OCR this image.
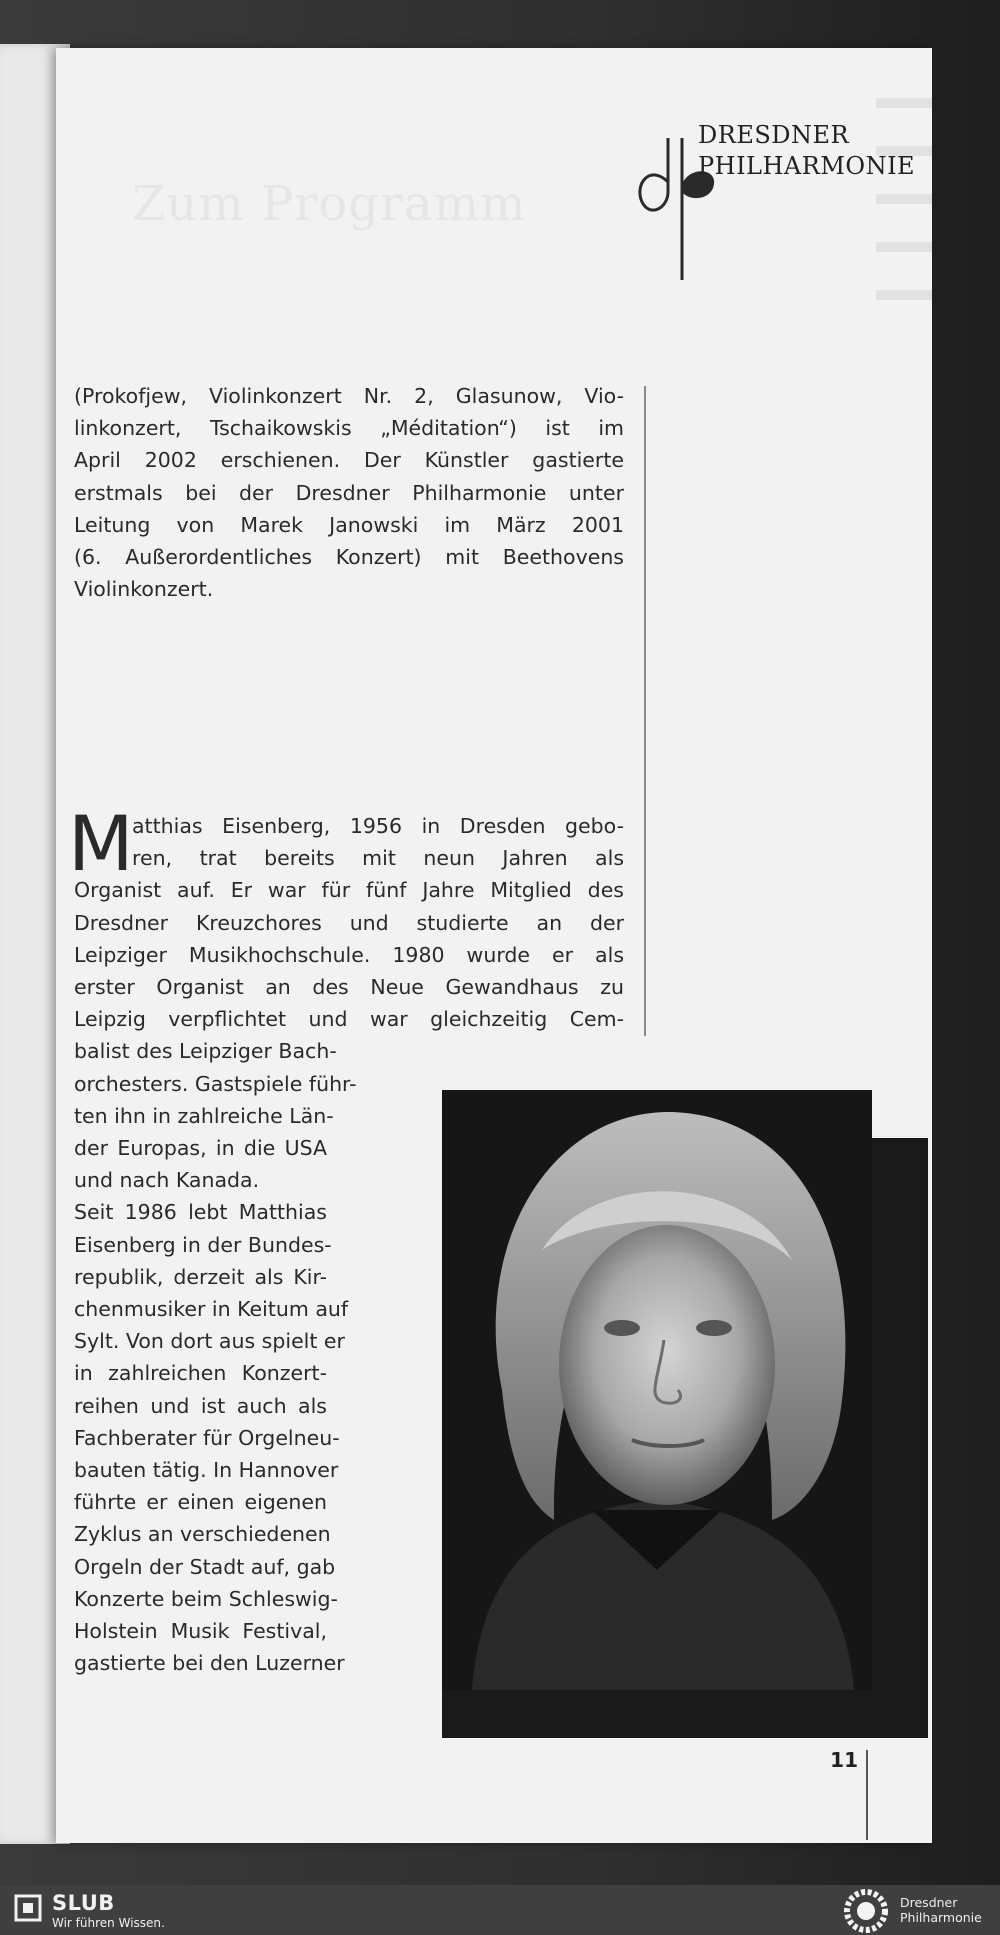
Zum Programm
DRESDNER
PHILHARMONIE
(Prokofjew, Violinkonzert Nr. 2, Glasunow, Vio-
linkonzert, Tschaikowskis „Méditation“) ist im
April 2002 erschienen. Der Künstler gastierte
erstmals bei der Dresdner Philharmonie unter
Leitung von Marek Janowski im März 2001
(6. Außerordentliches Konzert) mit Beethovens
Violinkonzert.
M
atthias Eisenberg, 1956 in Dresden gebo-
ren, trat bereits mit neun Jahren als
Organist auf. Er war für fünf Jahre Mitglied des
Dresdner Kreuzchores und studierte an der
Leipziger Musikhochschule. 1980 wurde er als
erster Organist an des Neue Gewandhaus zu
Leipzig verpflichtet und war gleichzeitig Cem-
balist des Leipziger Bach-
orchesters. Gastspiele führ-
ten ihn in zahlreiche Län-
der Europas, in die USA
und nach Kanada.
Seit 1986 lebt Matthias
Eisenberg in der Bundes-
republik, derzeit als Kir-
chenmusiker in Keitum auf
Sylt. Von dort aus spielt er
in zahlreichen Konzert-
reihen und ist auch als
Fachberater für Orgelneu-
bauten tätig. In Hannover
führte er einen eigenen
Zyklus an verschiedenen
Orgeln der Stadt auf, gab
Konzerte beim Schleswig-
Holstein Musik Festival,
gastierte bei den Luzerner
11
SLUB
Wir führen Wissen.
Dresdner
Philharmonie
